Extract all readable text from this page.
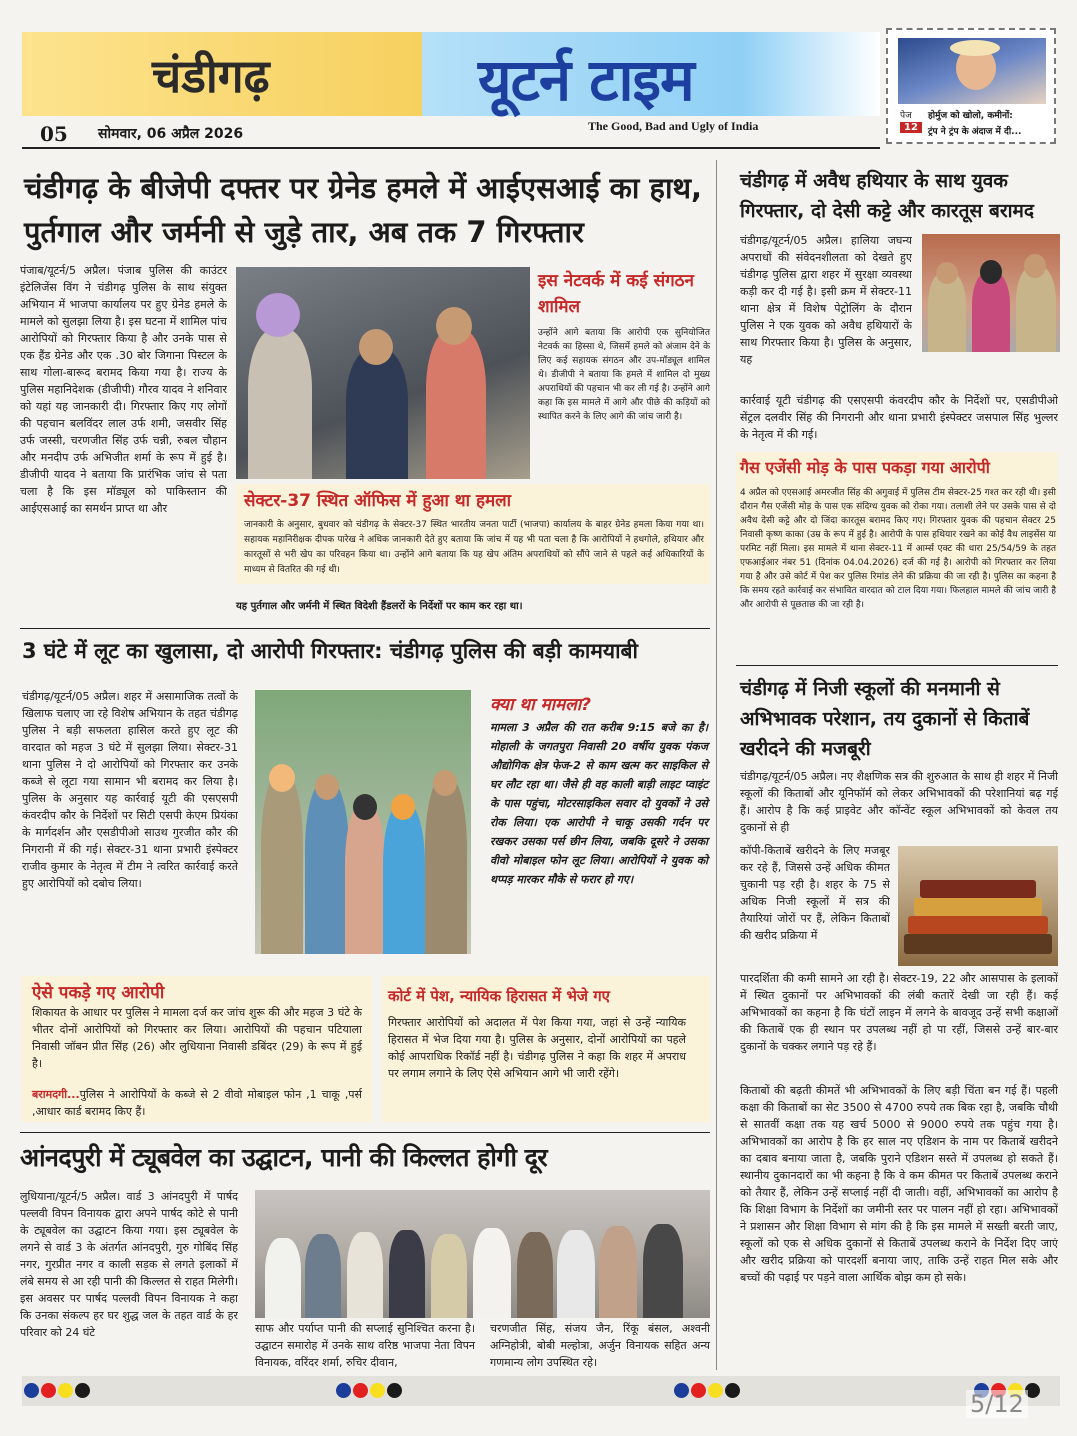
चंडीगढ़	यूटर्न टाइम
05 सोमवार, 06 अप्रैल 2026	The Good, Bad and Ugly of India
पेज
12
होर्मुज को खोलो, कमीनों:
ट्रंप ने ट्रंप के अंदाज में दी...
चंडीगढ़ के बीजेपी दफ्तर पर ग्रेनेड हमले में आईएसआई का हाथ, पुर्तगाल और जर्मनी से जुड़े तार, अब तक 7 गिरफ्तार
पंजाब/यूटर्न/5 अप्रैल। पंजाब पुलिस की काउंटर इंटेलिजेंस विंग ने चंडीगढ़ पुलिस के साथ संयुक्त अभियान में भाजपा कार्यालय पर हुए ग्रेनेड हमले के मामले को सुलझा लिया है। इस घटना में शामिल पांच आरोपियों को गिरफ्तार किया है और उनके पास से एक हैंड ग्रेनेड और एक .30 बोर जिगाना पिस्टल के साथ गोला-बारूद बरामद किया गया है। राज्य के पुलिस महानिदेशक (डीजीपी) गौरव यादव ने शनिवार को यहां यह जानकारी दी। गिरफ्तार किए गए लोगों की पहचान बलविंदर लाल उर्फ शमी, जसवीर सिंह उर्फ जस्सी, चरणजीत सिंह उर्फ चन्नी, रुबल चौहान और मनदीप उर्फ अभिजीत शर्मा के रूप में हुई है। डीजीपी यादव ने बताया कि प्रारंभिक जांच से पता चला है कि इस मॉड्यूल को पाकिस्तान की आईएसआई का समर्थन प्राप्त था और
इस नेटवर्क में कई संगठन शामिल
उन्होंने आगे बताया कि आरोपी एक सुनियोजित नेटवर्क का हिस्सा थे, जिसमें हमले को अंजाम देने के लिए कई सहायक संगठन और उप-मॉड्यूल शामिल थे। डीजीपी ने बताया कि हमले में शामिल दो मुख्य अपराधियों की पहचान भी कर ली गई है। उन्होंने आगे कहा कि इस मामले में आगे और पीछे की कड़ियों को स्थापित करने के लिए आगे की जांच जारी है।
सेक्टर-37 स्थित ऑफिस में हुआ था हमला
जानकारी के अनुसार, बुधवार को चंडीगढ़ के सेक्टर-37 स्थित भारतीय जनता पार्टी (भाजपा) कार्यालय के बाहर ग्रेनेड हमला किया गया था। सहायक महानिरीक्षक दीपक पारेख ने अधिक जानकारी देते हुए बताया कि जांच में यह भी पता चला है कि आरोपियों ने हथगोले, हथियार और कारतूसों से भरी खेप का परिवहन किया था। उन्होंने आगे बताया कि यह खेप अंतिम अपराधियों को सौंपे जाने से पहले कई अधिकारियों के माध्यम से वितरित की गई थी।
यह पुर्तगाल और जर्मनी में स्थित विदेशी हैंडलरों के निर्देशों पर काम कर रहा था।
3 घंटे में लूट का खुलासा, दो आरोपी गिरफ्तार: चंडीगढ़ पुलिस की बड़ी कामयाबी
चंडीगढ़/यूटर्न/05 अप्रैल। शहर में असामाजिक तत्वों के खिलाफ चलाए जा रहे विशेष अभियान के तहत चंडीगढ़ पुलिस ने बड़ी सफलता हासिल करते हुए लूट की वारदात को महज 3 घंटे में सुलझा लिया। सेक्टर-31 थाना पुलिस ने दो आरोपियों को गिरफ्तार कर उनके कब्जे से लूटा गया सामान भी बरामद कर लिया है। पुलिस के अनुसार यह कार्रवाई यूटी की एसएसपी कंवरदीप कौर के निर्देशों पर सिटी एसपी केएम प्रियंका के मार्गदर्शन और एसडीपीओ साउथ गुरजीत कौर की निगरानी में की गई। सेक्टर-31 थाना प्रभारी इंस्पेक्टर राजीव कुमार के नेतृत्व में टीम ने त्वरित कार्रवाई करते हुए आरोपियों को दबोच लिया।
क्या था मामला?
मामला 3 अप्रैल की रात करीब 9:15 बजे का है। मोहाली के जगतपुरा निवासी 20 वर्षीय युवक पंकज औद्योगिक क्षेत्र फेज-2 से काम खत्म कर साइकिल से घर लौट रहा था। जैसे ही वह काली बाड़ी लाइट प्वाइंट के पास पहुंचा, मोटरसाइकिल सवार दो युवकों ने उसे रोक लिया। एक आरोपी ने चाकू उसकी गर्दन पर रखकर उसका पर्स छीन लिया, जबकि दूसरे ने उसका वीवो मोबाइल फोन लूट लिया। आरोपियों ने युवक को थप्पड़ मारकर मौके से फरार हो गए।
ऐसे पकड़े गए आरोपी
शिकायत के आधार पर पुलिस ने मामला दर्ज कर जांच शुरू की और महज 3 घंटे के भीतर दोनों आरोपियों को गिरफ्तार कर लिया। आरोपियों की पहचान पटियाला निवासी जॉबन प्रीत सिंह (26) और लुधियाना निवासी डबिंदर (29) के रूप में हुई है।
बरामदगी...पुलिस ने आरोपियों के कब्जे से 2 वीवो मोबाइल फोन ,1 चाकू ,पर्स ,आधार कार्ड बरामद किए हैं।
कोर्ट में पेश, न्यायिक हिरासत में भेजे गए
गिरफ्तार आरोपियों को अदालत में पेश किया गया, जहां से उन्हें न्यायिक हिरासत में भेज दिया गया है। पुलिस के अनुसार, दोनों आरोपियों का पहले कोई आपराधिक रिकॉर्ड नहीं है। चंडीगढ़ पुलिस ने कहा कि शहर में अपराध पर लगाम लगाने के लिए ऐसे अभियान आगे भी जारी रहेंगे।
आंनदपुरी में ट्यूबवेल का उद्घाटन, पानी की किल्लत होगी दूर
लुधियाना/यूटर्न/5 अप्रैल। वार्ड 3 आंनदपुरी में पार्षद पल्लवी विपन विनायक द्वारा अपने पार्षद कोटे से पानी के ट्यूबवेल का उद्घाटन किया गया। इस ट्यूबवेल के लगने से वार्ड 3 के अंतर्गत आंनदपुरी, गुरु गोबिंद सिंह नगर, गुरप्रीत नगर व काली सड़क से लगते इलाकों में लंबे समय से आ रही पानी की किल्लत से राहत मिलेगी। इस अवसर पर पार्षद पल्लवी विपन विनायक ने कहा कि उनका संकल्प हर घर शुद्ध जल के तहत वार्ड के हर परिवार को 24 घंटे	साफ और पर्याप्त पानी की सप्लाई सुनिश्चित करना है। उद्घाटन समारोह में उनके साथ वरिष्ठ भाजपा नेता विपन विनायक, वरिंदर शर्मा, रुचिर दीवान,
चरणजीत सिंह, संजय जैन, रिंकू बंसल, अश्वनी अग्निहोत्री, बोबी मल्होत्रा, अर्जुन विनायक सहित अन्य गणमान्य लोग उपस्थित रहे।
चंडीगढ़ में अवैध हथियार के साथ युवक गिरफ्तार, दो देसी कट्टे और कारतूस बरामद
चंडीगढ़/यूटर्न/05 अप्रैल। हालिया जघन्य अपराधों की संवेदनशीलता को देखते हुए चंडीगढ़ पुलिस द्वारा शहर में सुरक्षा व्यवस्था कड़ी कर दी गई है। इसी क्रम में सेक्टर-11 थाना क्षेत्र में विशेष पेट्रोलिंग के दौरान पुलिस ने एक युवक को अवैध हथियारों के साथ गिरफ्तार किया है। पुलिस के अनुसार, यह
कार्रवाई यूटी चंडीगढ़ की एसएसपी कंवरदीप कौर के निर्देशों पर, एसडीपीओ सेंट्रल दलवीर सिंह की निगरानी और थाना प्रभारी इंस्पेक्टर जसपाल सिंह भुल्लर के नेतृत्व में की गई।
गैस एजेंसी मोड़ के पास पकड़ा गया आरोपी
4 अप्रैल को एएसआई अमरजीत सिंह की अगुवाई में पुलिस टीम सेक्टर-25 गश्त कर रही थी। इसी दौरान गैस एजेंसी मोड़ के पास एक संदिग्ध युवक को रोका गया। तलाशी लेने पर उसके पास से दो अवैध देसी कट्टे और दो जिंदा कारतूस बरामद किए गए। गिरफ्तार युवक की पहचान सेक्टर 25 निवासी कृष्ण काका (उम्र के रूप में हुई है। आरोपी के पास हथियार रखने का कोई वैध लाइसेंस या परमिट नहीं मिला। इस मामले में थाना सेक्टर-11 में आर्म्स एक्ट की धारा 25/54/59 के तहत एफआईआर नंबर 51 (दिनांक 04.04.2026) दर्ज की गई है। आरोपी को गिरफ्तार कर लिया गया है और उसे कोर्ट में पेश कर पुलिस रिमांड लेने की प्रक्रिया की जा रही है। पुलिस का कहना है कि समय रहते कार्रवाई कर संभावित वारदात को टाल दिया गया। फिलहाल मामले की जांच जारी है और आरोपी से पूछताछ की जा रही है।
चंडीगढ़ में निजी स्कूलों की मनमानी से अभिभावक परेशान, तय दुकानों से किताबें खरीदने की मजबूरी
चंडीगढ़/यूटर्न/05 अप्रैल। नए शैक्षणिक सत्र की शुरुआत के साथ ही शहर में निजी स्कूलों की किताबों और यूनिफॉर्म को लेकर अभिभावकों की परेशानियां बढ़ गई हैं। आरोप है कि कई प्राइवेट और कॉन्वेंट स्कूल अभिभावकों को केवल तय दुकानों से ही
कॉपी-किताबें खरीदने के लिए मजबूर कर रहे हैं, जिससे उन्हें अधिक कीमत चुकानी पड़ रही है। शहर के 75 से अधिक निजी स्कूलों में सत्र की तैयारियां जोरों पर हैं, लेकिन किताबों की खरीद प्रक्रिया में
पारदर्शिता की कमी सामने आ रही है। सेक्टर-19, 22 और आसपास के इलाकों में स्थित दुकानों पर अभिभावकों की लंबी कतारें देखी जा रही हैं। कई अभिभावकों का कहना है कि घंटों लाइन में लगने के बावजूद उन्हें सभी कक्षाओं की किताबें एक ही स्थान पर उपलब्ध नहीं हो पा रहीं, जिससे उन्हें बार-बार दुकानों के चक्कर लगाने पड़ रहे हैं।
किताबों की बढ़ती कीमतें भी अभिभावकों के लिए बड़ी चिंता बन गई हैं। पहली कक्षा की किताबों का सेट 3500 से 4700 रुपये तक बिक रहा है, जबकि चौथी से सातवीं कक्षा तक यह खर्च 5000 से 9000 रुपये तक पहुंच गया है। अभिभावकों का आरोप है कि हर साल नए एडिशन के नाम पर किताबें खरीदने का दबाव बनाया जाता है, जबकि पुराने एडिशन सस्ते में उपलब्ध हो सकते हैं। स्थानीय दुकानदारों का भी कहना है कि वे कम कीमत पर किताबें उपलब्ध कराने को तैयार हैं, लेकिन उन्हें सप्लाई नहीं दी जाती। वहीं, अभिभावकों का आरोप है कि शिक्षा विभाग के निर्देशों का जमीनी स्तर पर पालन नहीं हो रहा। अभिभावकों ने प्रशासन और शिक्षा विभाग से मांग की है कि इस मामले में सख्ती बरती जाए, स्कूलों को एक से अधिक दुकानों से किताबें उपलब्ध कराने के निर्देश दिए जाएं और खरीद प्रक्रिया को पारदर्शी बनाया जाए, ताकि उन्हें राहत मिल सके और बच्चों की पढ़ाई पर पड़ने वाला आर्थिक बोझ कम हो सके।
5/12
